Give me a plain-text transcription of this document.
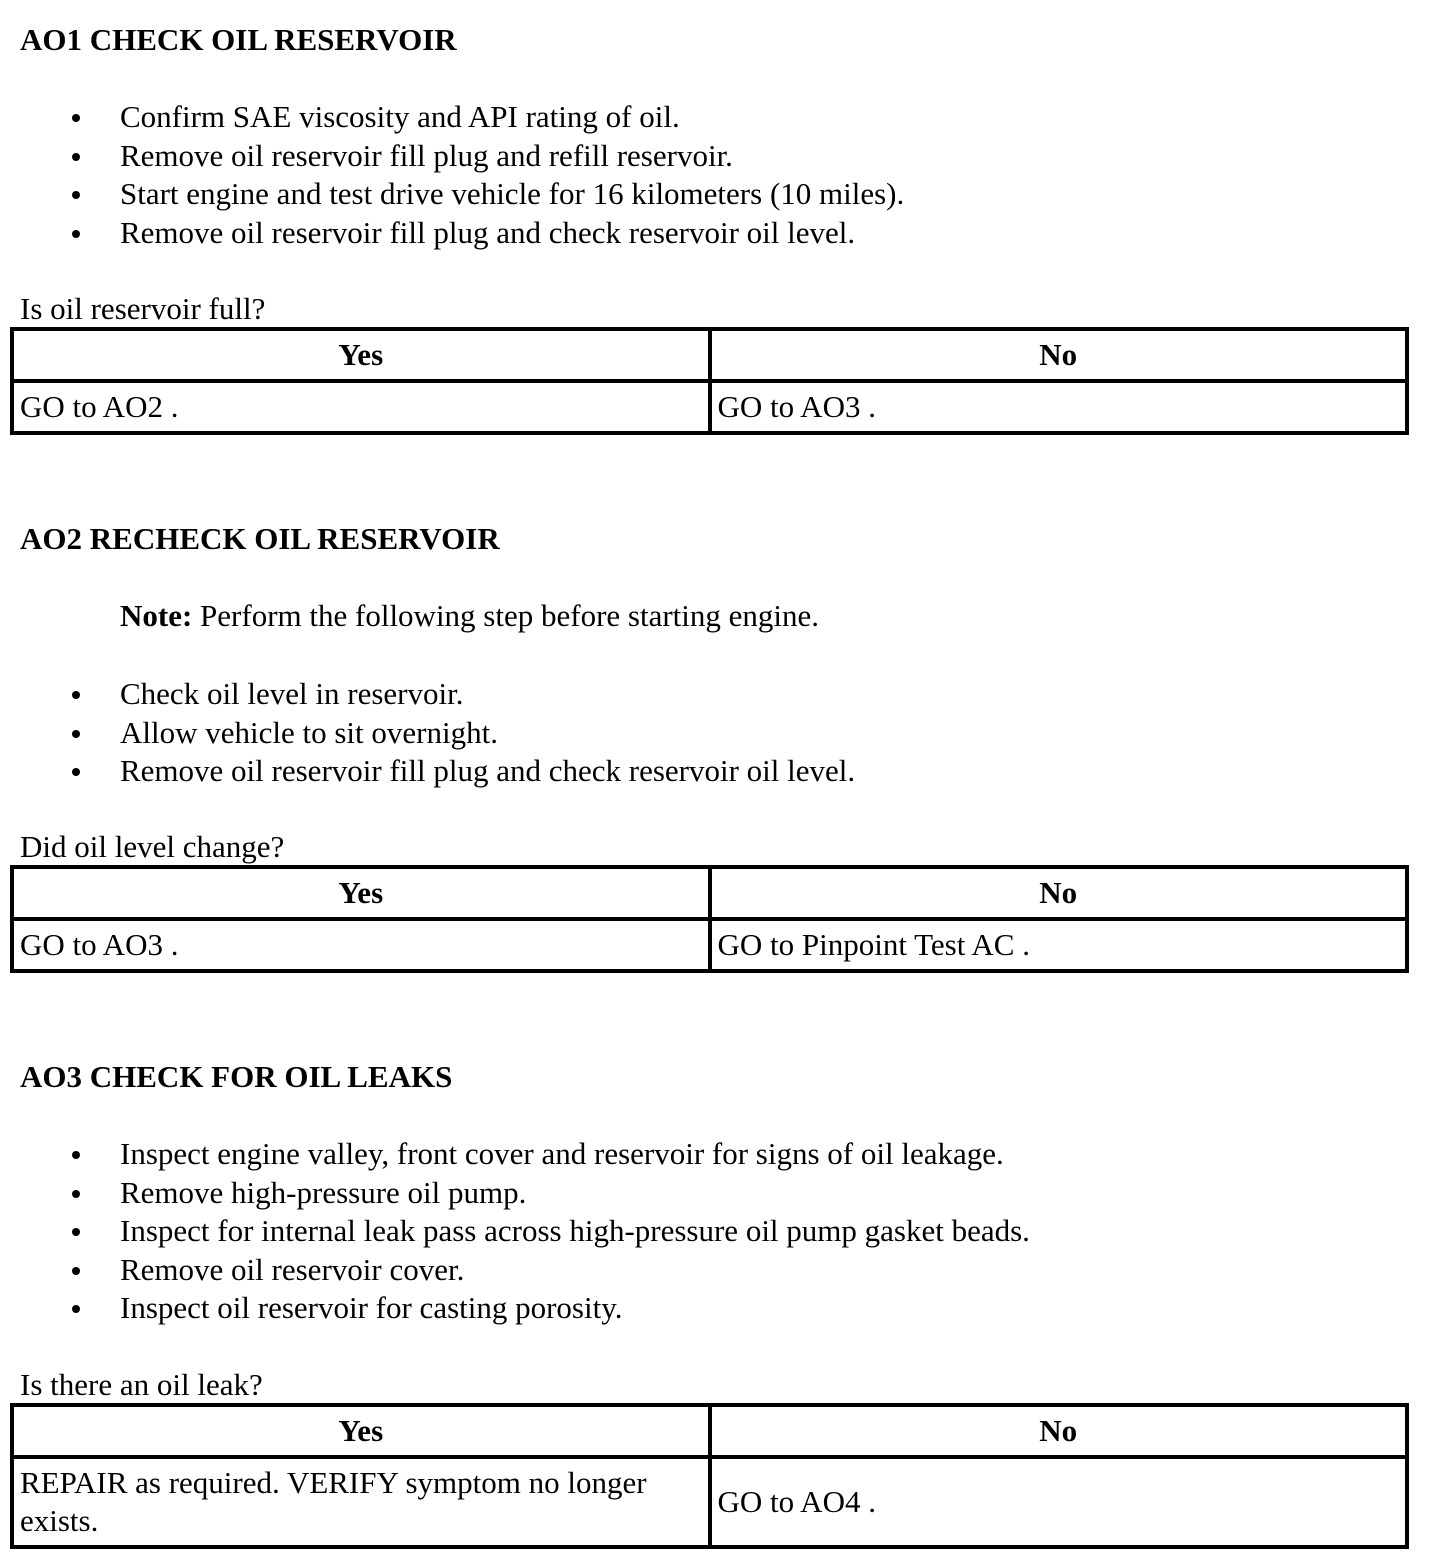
AO1 CHECK OIL RESERVOIR
Confirm SAE viscosity and API rating of oil.
Remove oil reservoir fill plug and refill reservoir.
Start engine and test drive vehicle for 16 kilometers (10 miles).
Remove oil reservoir fill plug and check reservoir oil level.

Is oil reservoir full?

Yes	No
GO to AO2 .	GO to AO3 .
AO2 RECHECK OIL RESERVOIR

Note: Perform the following step before starting engine.

Check oil level in reservoir.
Allow vehicle to sit overnight.
Remove oil reservoir fill plug and check reservoir oil level.

Did oil level change?

Yes	No
GO to AO3 .	GO to Pinpoint Test AC .
AO3 CHECK FOR OIL LEAKS
Inspect engine valley, front cover and reservoir for signs of oil leakage.
Remove high-pressure oil pump.
Inspect for internal leak pass across high-pressure oil pump gasket beads.
Remove oil reservoir cover.
Inspect oil reservoir for casting porosity.

Is there an oil leak?

Yes	No
REPAIR as required. VERIFY symptom no longer exists.	GO to AO4 .
